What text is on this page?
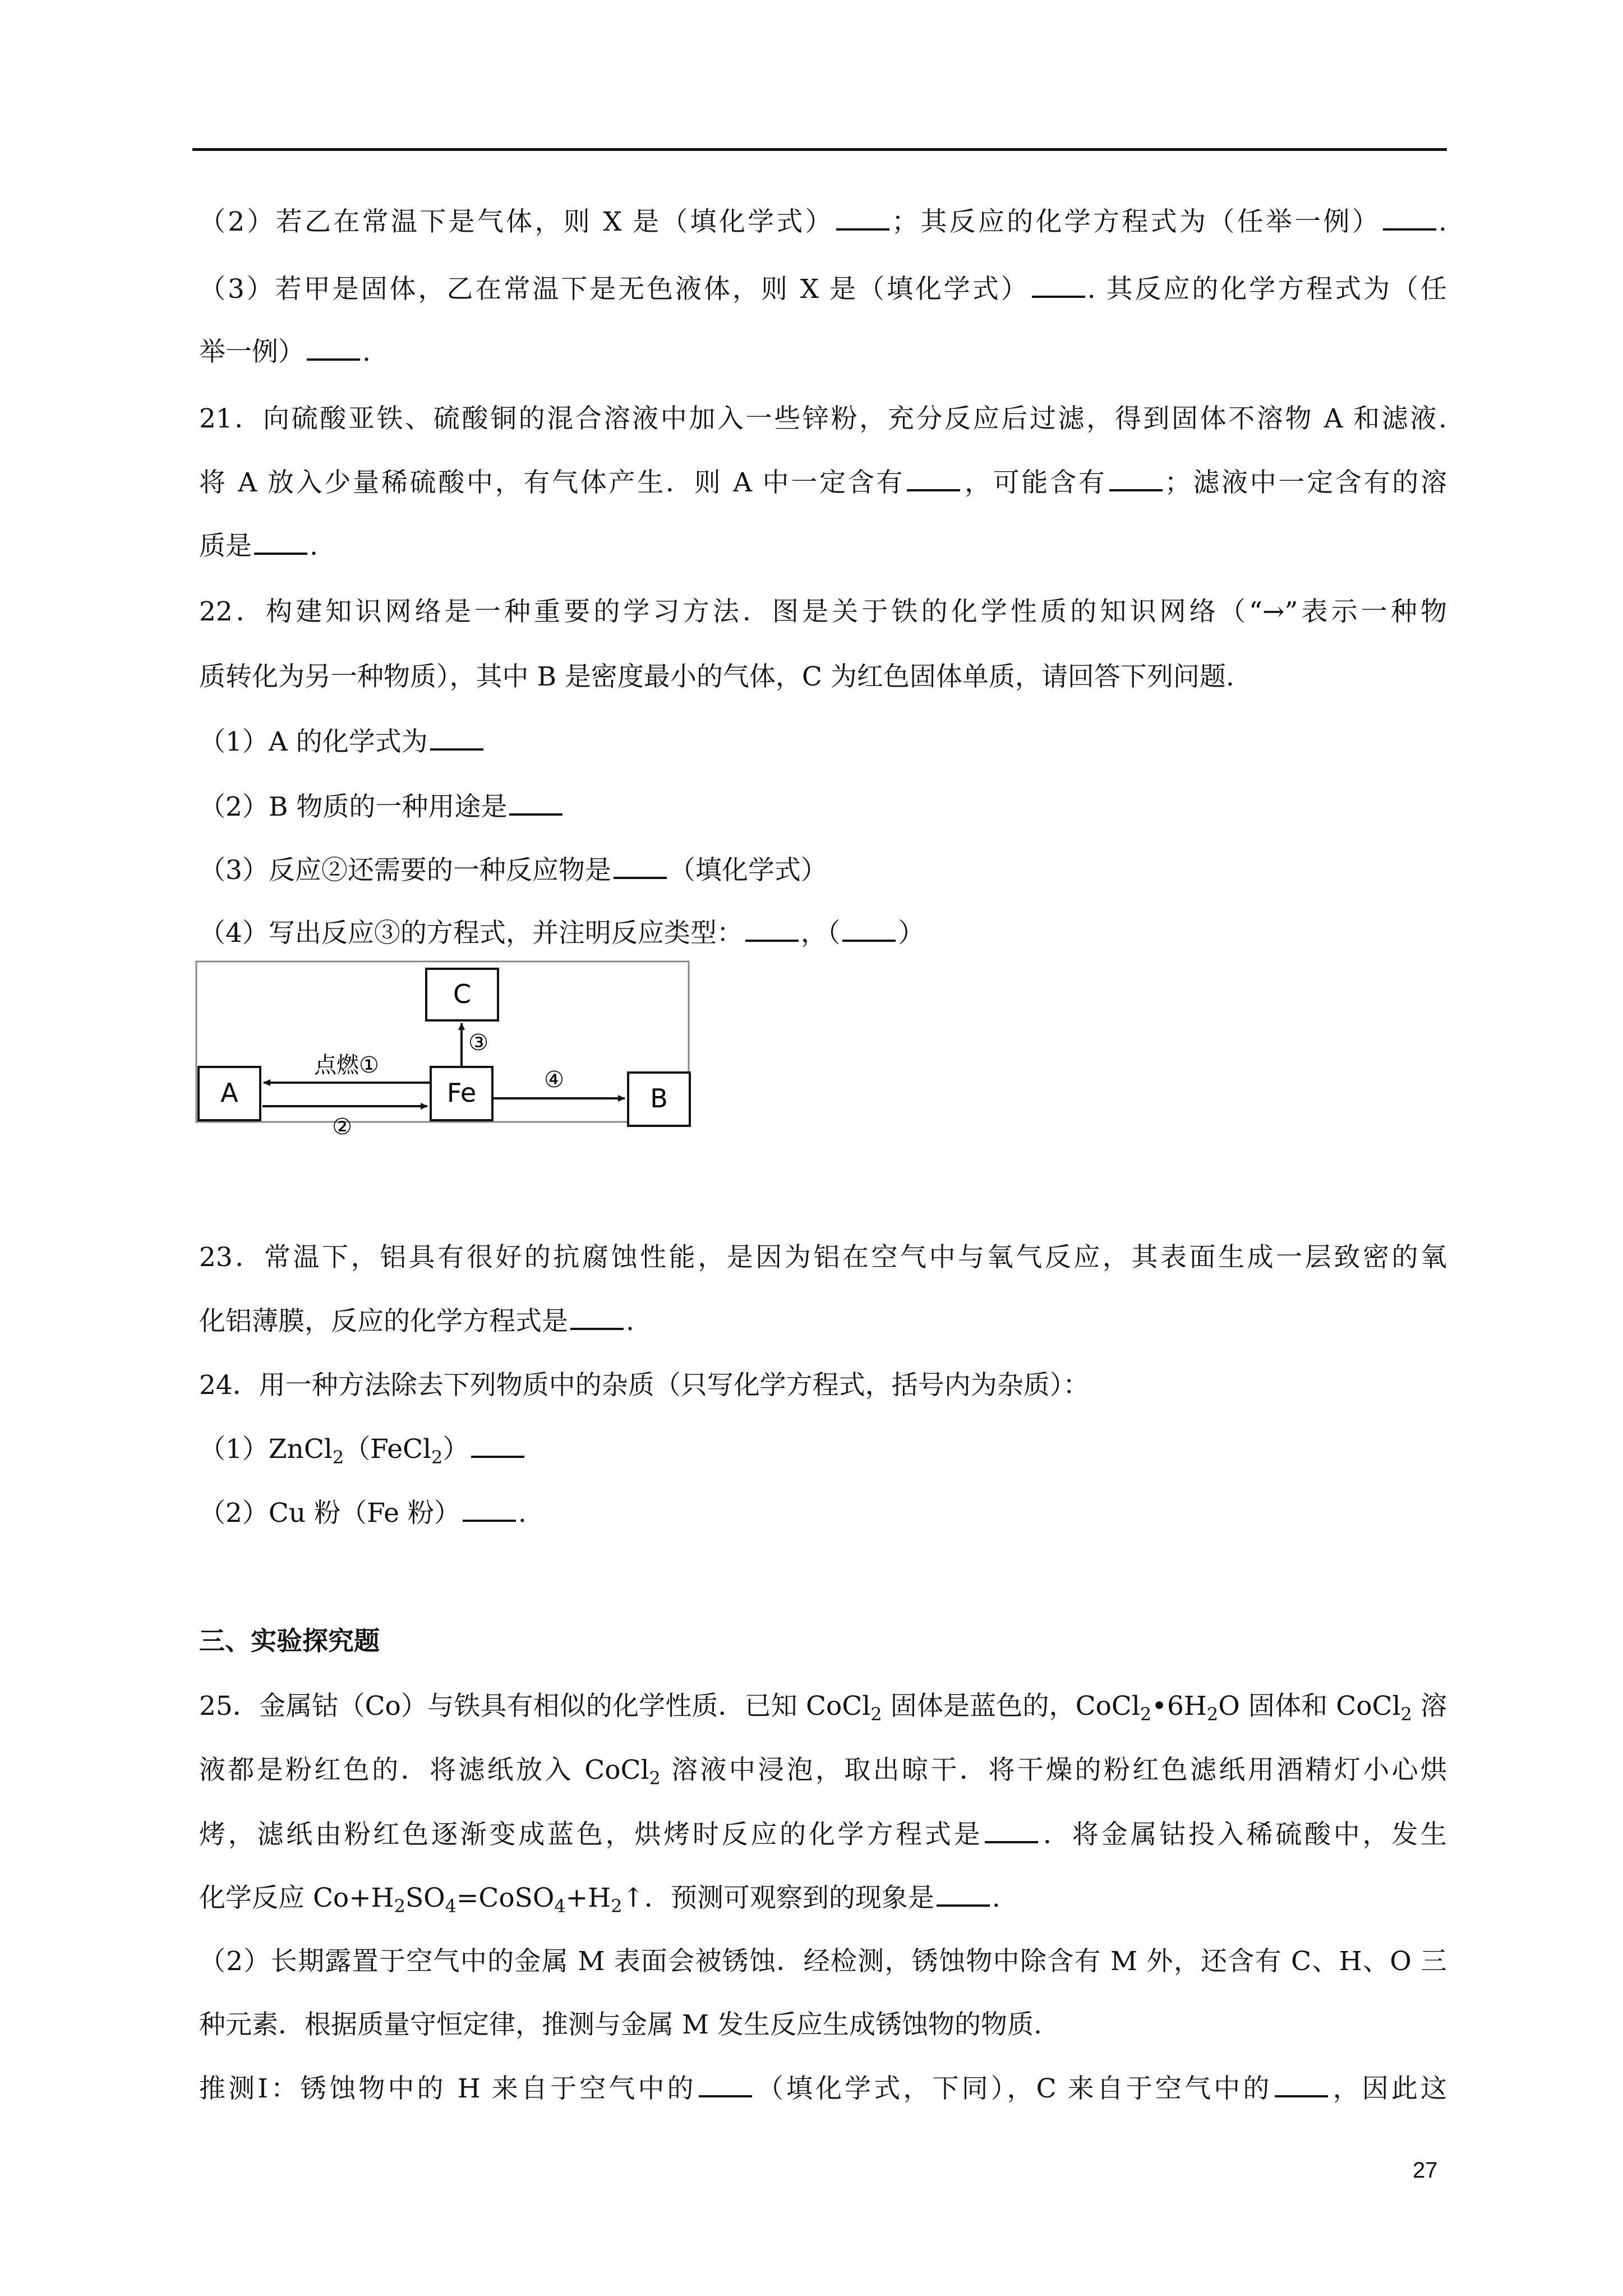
（2）若乙在常温下是气体，则 X 是（填化学式） ；其反应的化学方程式为（任举一例） .
（3）若甲是固体，乙在常温下是无色液体，则 X 是（填化学式） . 其反应的化学方程式为（任
举一例） .
21．向硫酸亚铁、硫酸铜的混合溶液中加入一些锌粉，充分反应后过滤，得到固体不溶物 A 和滤液.
将 A 放入少量稀硫酸中，有气体产生．则 A 中一定含有 ，可能含有 ；滤液中一定含有的溶
质是 .
22．构建知识网络是一种重要的学习方法．图是关于铁的化学性质的知识网络（“→”表示一种物
质转化为另一种物质），其中 B 是密度最小的气体，C 为红色固体单质，请回答下列问题.
（1）A 的化学式为
（2）B 物质的一种用途是
（3）反应②还需要的一种反应物是 （填化学式）
（4）写出反应③的方程式，并注明反应类型： ，（ ）
A	Fe	B
C
点燃①
②
③
④
23．常温下，铝具有很好的抗腐蚀性能，是因为铝在空气中与氧气反应，其表面生成一层致密的氧
化铝薄膜，反应的化学方程式是 .
24．用一种方法除去下列物质中的杂质（只写化学方程式，括号内为杂质）：
（1）ZnCl$_2$（FeCl$_2$）
（2）Cu 粉（Fe 粉） .
三、实验探究题
25．金属钴（Co）与铁具有相似的化学性质．已知 CoCl$_2$ 固体是蓝色的，$CoCl_2•6H_2O$ 固体和 CoCl$_2$ 溶
液都是粉红色的．将滤纸放入 CoCl$_2$ 溶液中浸泡，取出晾干．将干燥的粉红色滤纸用酒精灯小心烘
烤，滤纸由粉红色逐渐变成蓝色，烘烤时反应的化学方程式是 ．将金属钴投入稀硫酸中，发生
化学反应 $Co+H_2SO_4=CoSO_4+H_2↑$．预测可观察到的现象是 .
（2）长期露置于空气中的金属 M 表面会被锈蚀．经检测，锈蚀物中除含有 M 外，还含有 C、H、O 三
种元素．根据质量守恒定律，推测与金属 M 发生反应生成锈蚀物的物质.
推测Ⅰ：锈蚀物中的 H 来自于空气中的 （填化学式，下同），C 来自于空气中的 ，因此这
27
